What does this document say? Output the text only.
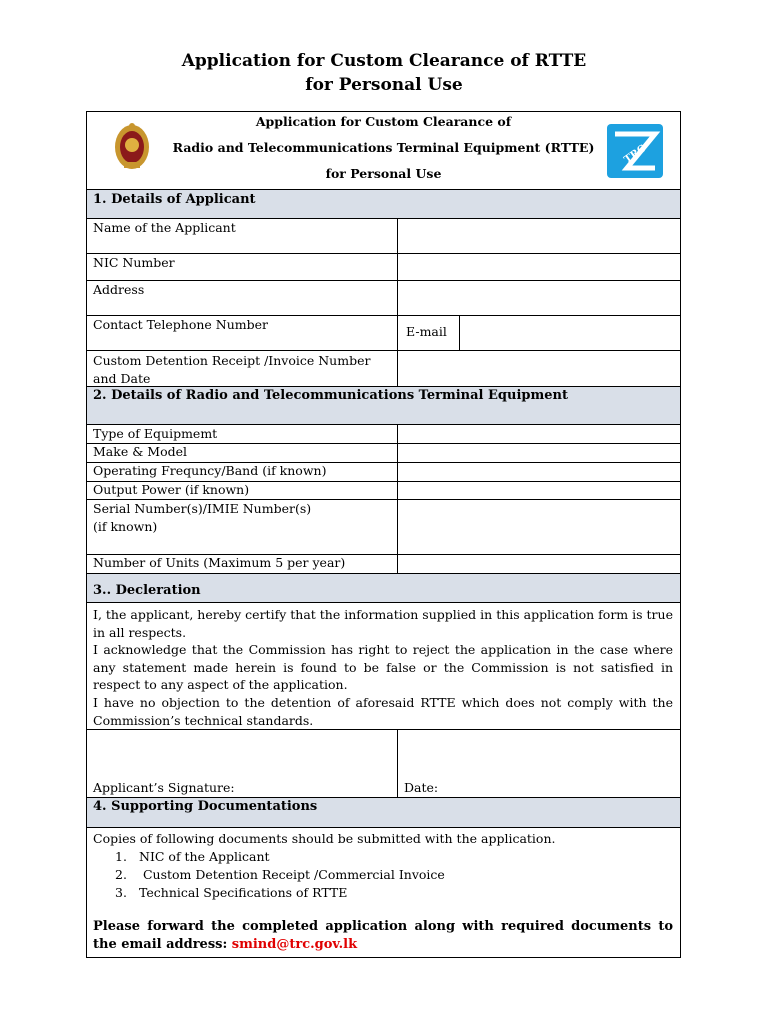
Application for Custom Clearance of RTTE
for Personal Use
Application for Custom Clearance of
Radio and Telecommunications Terminal Equipment (RTTE)
for Personal Use
TRC
1. Details of Applicant
Name of the Applicant
NIC Number
Address
Contact Telephone Number	E-mail
Custom Detention Receipt /Invoice Number
and Date
2. Details of Radio and Telecommunications Terminal Equipment
Type of Equipmemt
Make & Model
Operating Frequncy/Band (if known)
Output Power (if known)
Serial Number(s)/IMIE Number(s)
(if known)
Number of Units (Maximum 5 per year)
3.. Decleration
I, the applicant, hereby certify that the information supplied in this application form is true in all respects.
I acknowledge that the Commission has right to reject the application in the case where any statement made herein is found to be false or the Commission is not satisfied in respect to any aspect of the application.
I have no objection to the detention of aforesaid RTTE which does not comply with the Commission’s technical standards.
Applicant’s Signature:	Date:
4. Supporting Documentations
Copies of following documents should be submitted with the application.
1. NIC of the Applicant
2. Custom Detention Receipt /Commercial Invoice
3. Technical Specifications of RTTE
Please forward the completed application along with required documents to the email address: smind@trc.gov.lk
